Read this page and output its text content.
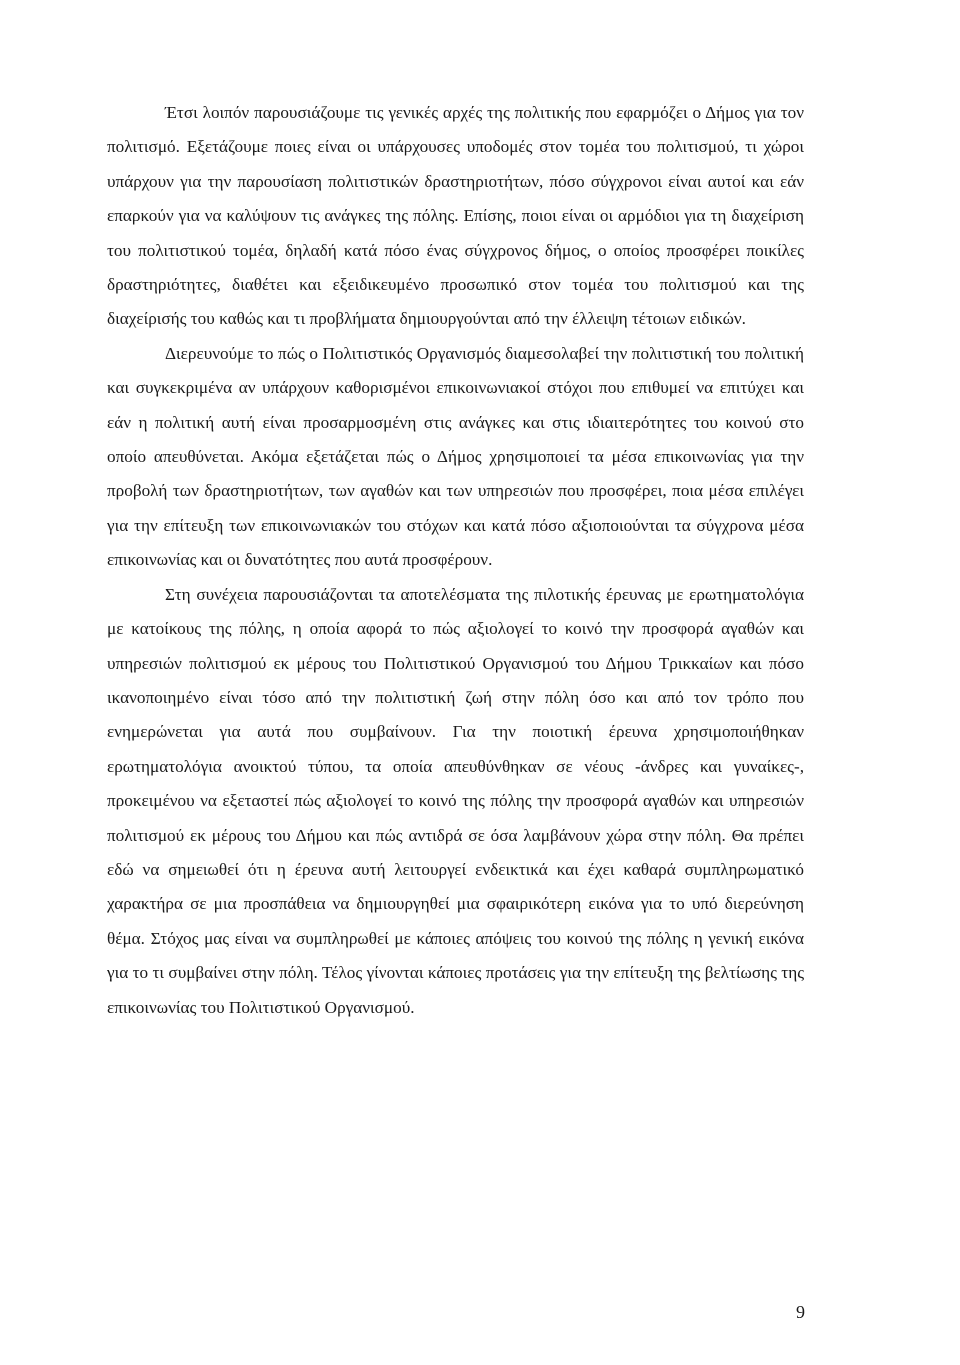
Έτσι λοιπόν παρουσιάζουμε τις γενικές αρχές της πολιτικής που εφαρμόζει ο Δήμος για τον πολιτισμό. Εξετάζουμε ποιες είναι οι υπάρχουσες υποδομές στον τομέα του πολιτισμού, τι χώροι υπάρχουν για την παρουσίαση πολιτιστικών δραστηριοτήτων, πόσο σύγχρονοι είναι αυτοί και εάν επαρκούν για να καλύψουν τις ανάγκες της πόλης. Επίσης, ποιοι είναι οι αρμόδιοι για τη διαχείριση του πολιτιστικού τομέα, δηλαδή κατά πόσο ένας σύγχρονος δήμος, ο οποίος προσφέρει ποικίλες δραστηριότητες, διαθέτει και εξειδικευμένο προσωπικό στον τομέα του πολιτισμού και της διαχείρισής του καθώς και τι προβλήματα δημιουργούνται από την έλλειψη τέτοιων ειδικών.

Διερευνούμε το πώς ο Πολιτιστικός Οργανισμός διαμεσολαβεί την πολιτιστική του πολιτική και συγκεκριμένα αν υπάρχουν καθορισμένοι επικοινωνιακοί στόχοι που επιθυμεί να επιτύχει και εάν η πολιτική αυτή είναι προσαρμοσμένη στις ανάγκες και στις ιδιαιτερότητες του κοινού στο οποίο απευθύνεται. Ακόμα εξετάζεται πώς ο Δήμος χρησιμοποιεί τα μέσα επικοινωνίας για την προβολή των δραστηριοτήτων, των αγαθών και των υπηρεσιών που προσφέρει, ποια μέσα επιλέγει για την επίτευξη των επικοινωνιακών του στόχων και κατά πόσο αξιοποιούνται τα σύγχρονα μέσα επικοινωνίας και οι δυνατότητες που αυτά προσφέρουν.

Στη συνέχεια παρουσιάζονται τα αποτελέσματα της πιλοτικής έρευνας με ερωτηματολόγια με κατοίκους της πόλης, η οποία αφορά το πώς αξιολογεί το κοινό την προσφορά αγαθών και υπηρεσιών πολιτισμού εκ μέρους του Πολιτιστικού Οργανισμού του Δήμου Τρικκαίων και πόσο ικανοποιημένο είναι τόσο από την πολιτιστική ζωή στην πόλη όσο και από τον τρόπο που ενημερώνεται για αυτά που συμβαίνουν. Για την ποιοτική έρευνα χρησιμοποιήθηκαν ερωτηματολόγια ανοικτού τύπου, τα οποία απευθύνθηκαν σε νέους -άνδρες και γυναίκες-, προκειμένου να εξεταστεί πώς αξιολογεί το κοινό της πόλης την προσφορά αγαθών και υπηρεσιών πολιτισμού εκ μέρους του Δήμου και πώς αντιδρά σε όσα λαμβάνουν χώρα στην πόλη. Θα πρέπει εδώ να σημειωθεί ότι η έρευνα αυτή λειτουργεί ενδεικτικά και έχει καθαρά συμπληρωματικό χαρακτήρα σε μια προσπάθεια να δημιουργηθεί μια σφαιρικότερη εικόνα για το υπό διερεύνηση θέμα. Στόχος μας είναι να συμπληρωθεί με κάποιες απόψεις του κοινού της πόλης η γενική εικόνα για το τι συμβαίνει στην πόλη. Τέλος γίνονται κάποιες προτάσεις για την επίτευξη της βελτίωσης της επικοινωνίας του Πολιτιστικού Οργανισμού.

9
